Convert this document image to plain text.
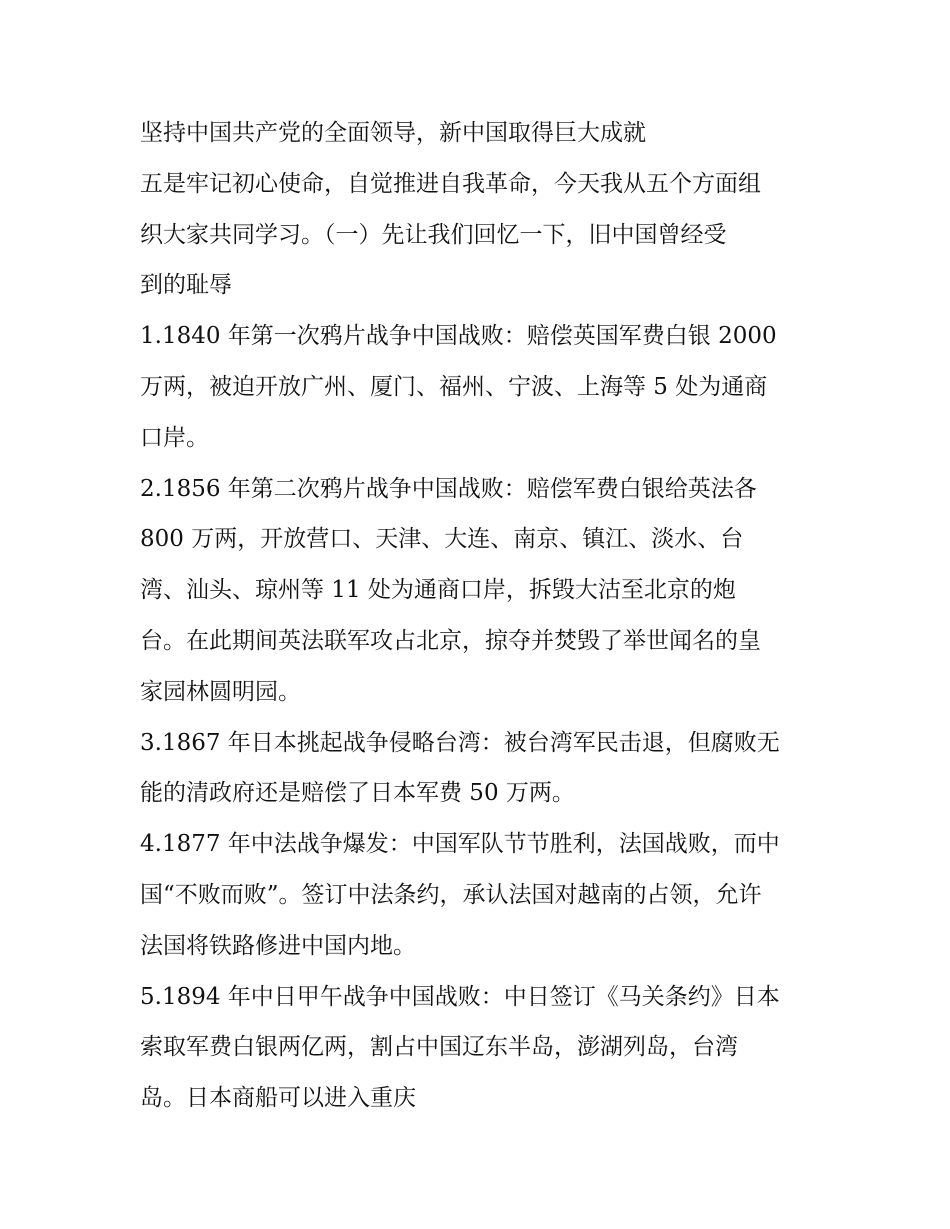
坚持中国共产党的全面领导，新中国取得巨大成就
五是牢记初心使命，自觉推进自我革命，今天我从五个方面组
织大家共同学习。（一）先让我们回忆一下，旧中国曾经受
到的耻辱
1.1840 年第一次鸦片战争中国战败：赔偿英国军费白银 2000
万两，被迫开放广州、厦门、福州、宁波、上海等 5 处为通商
口岸。
2.1856 年第二次鸦片战争中国战败：赔偿军费白银给英法各
800 万两，开放营口、天津、大连、南京、镇江、淡水、台
湾、汕头、琼州等 11 处为通商口岸，拆毁大沽至北京的炮
台。在此期间英法联军攻占北京，掠夺并焚毁了举世闻名的皇
家园林圆明园。
3.1867 年日本挑起战争侵略台湾：被台湾军民击退，但腐败无
能的清政府还是赔偿了日本军费 50 万两。
4.1877 年中法战争爆发：中国军队节节胜利，法国战败，而中
国“不败而败”。签订中法条约，承认法国对越南的占领，允许
法国将铁路修进中国内地。
5.1894 年中日甲午战争中国战败：中日签订《马关条约》日本
索取军费白银两亿两，割占中国辽东半岛，澎湖列岛，台湾
岛。日本商船可以进入重庆
